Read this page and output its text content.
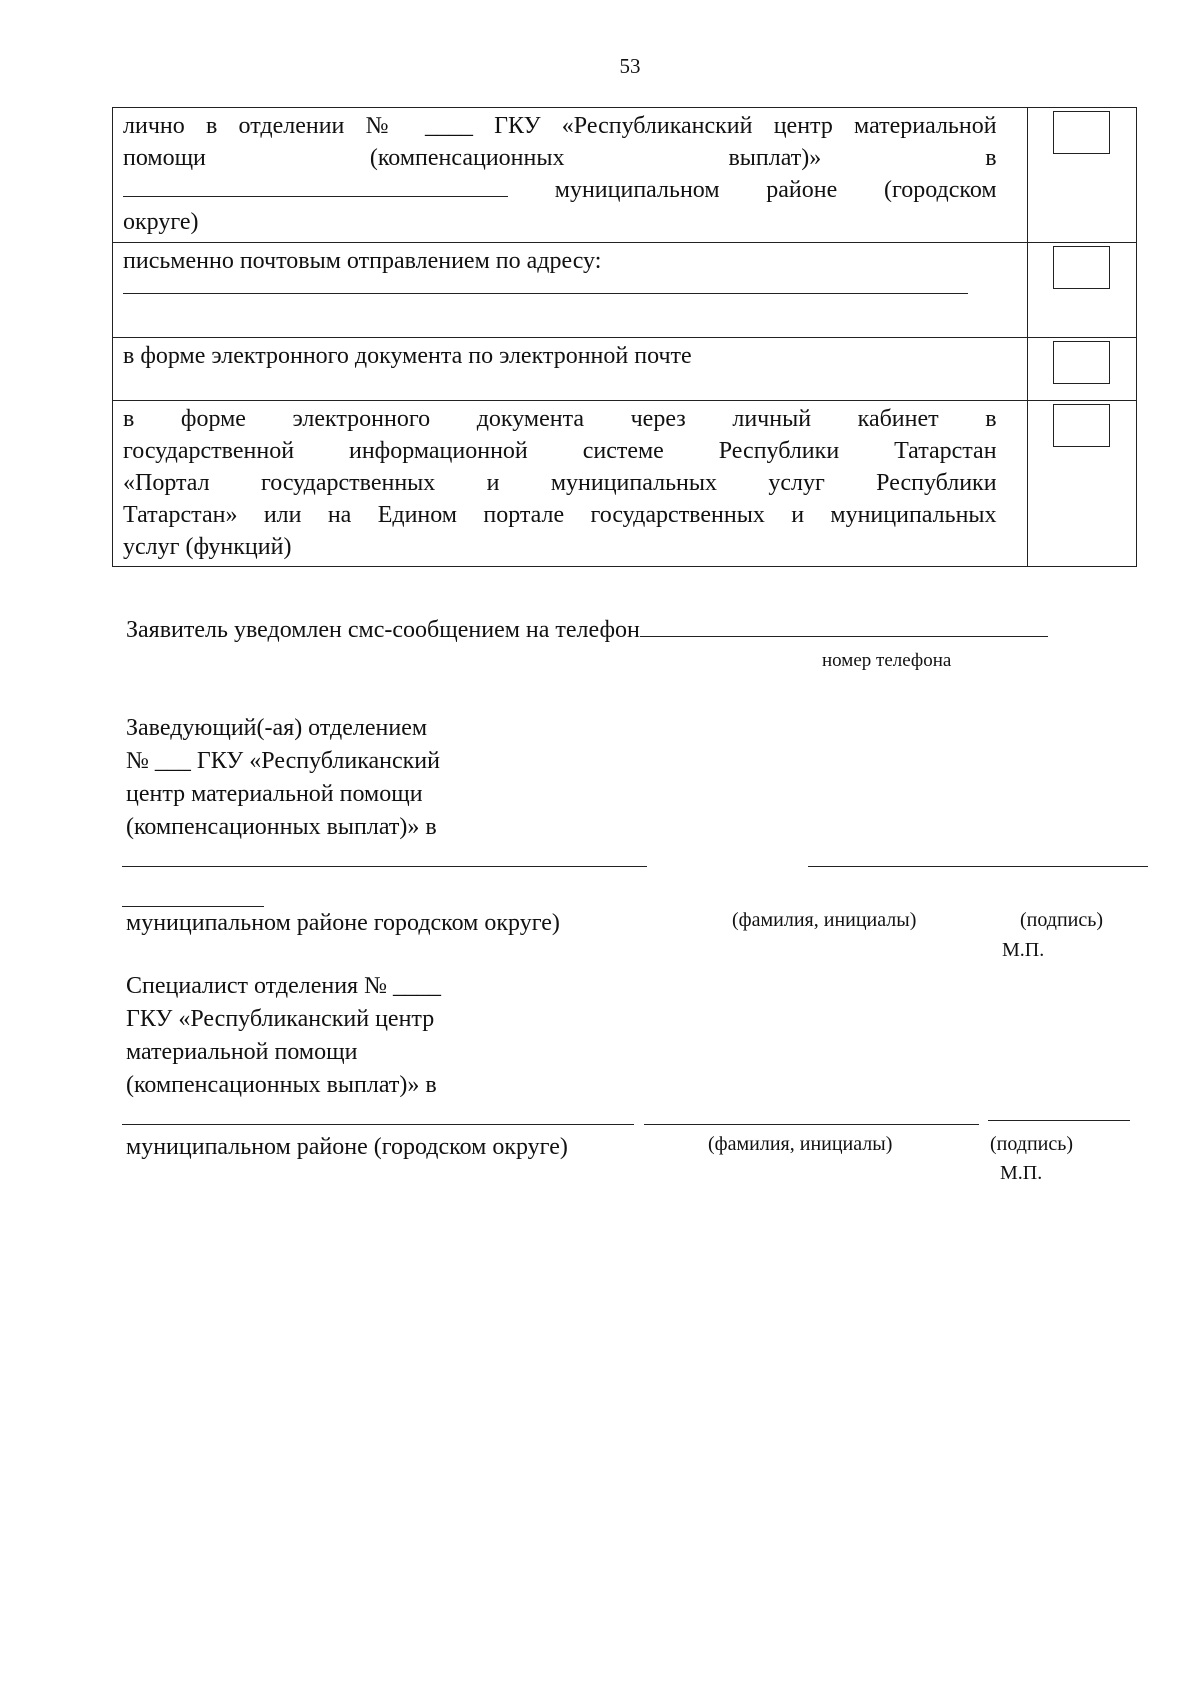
53
лично в отделении № ____ ГКУ «Республиканский центр материальной
помощи (компенсационных выплат)» в
муниципальном районе (городском
округе)	
письменно почтовым отправлением по адресу:

в форме электронного документа по электронной почте	

в форме электронного документа через личный кабинет в
государственной информационной системе Республики Татарстан
«Портал государственных и муниципальных услуг Республики
Татарстан» или на Едином портале государственных и муниципальных
услуг (функций)	
Заявитель уведомлен смс-сообщением на телефон
номер телефона
Заведующий(-ая) отделением
№ ___ ГКУ «Республиканский
центр материальной помощи
(компенсационных выплат)» в
муниципальном районе городском округе)	(фамилия, инициалы)	(подпись)
М.П.
Специалист отделения № ____
ГКУ «Республиканский центр
материальной помощи
(компенсационных выплат)» в
муниципальном районе (городском округе)	(фамилия, инициалы)	(подпись)
М.П.
